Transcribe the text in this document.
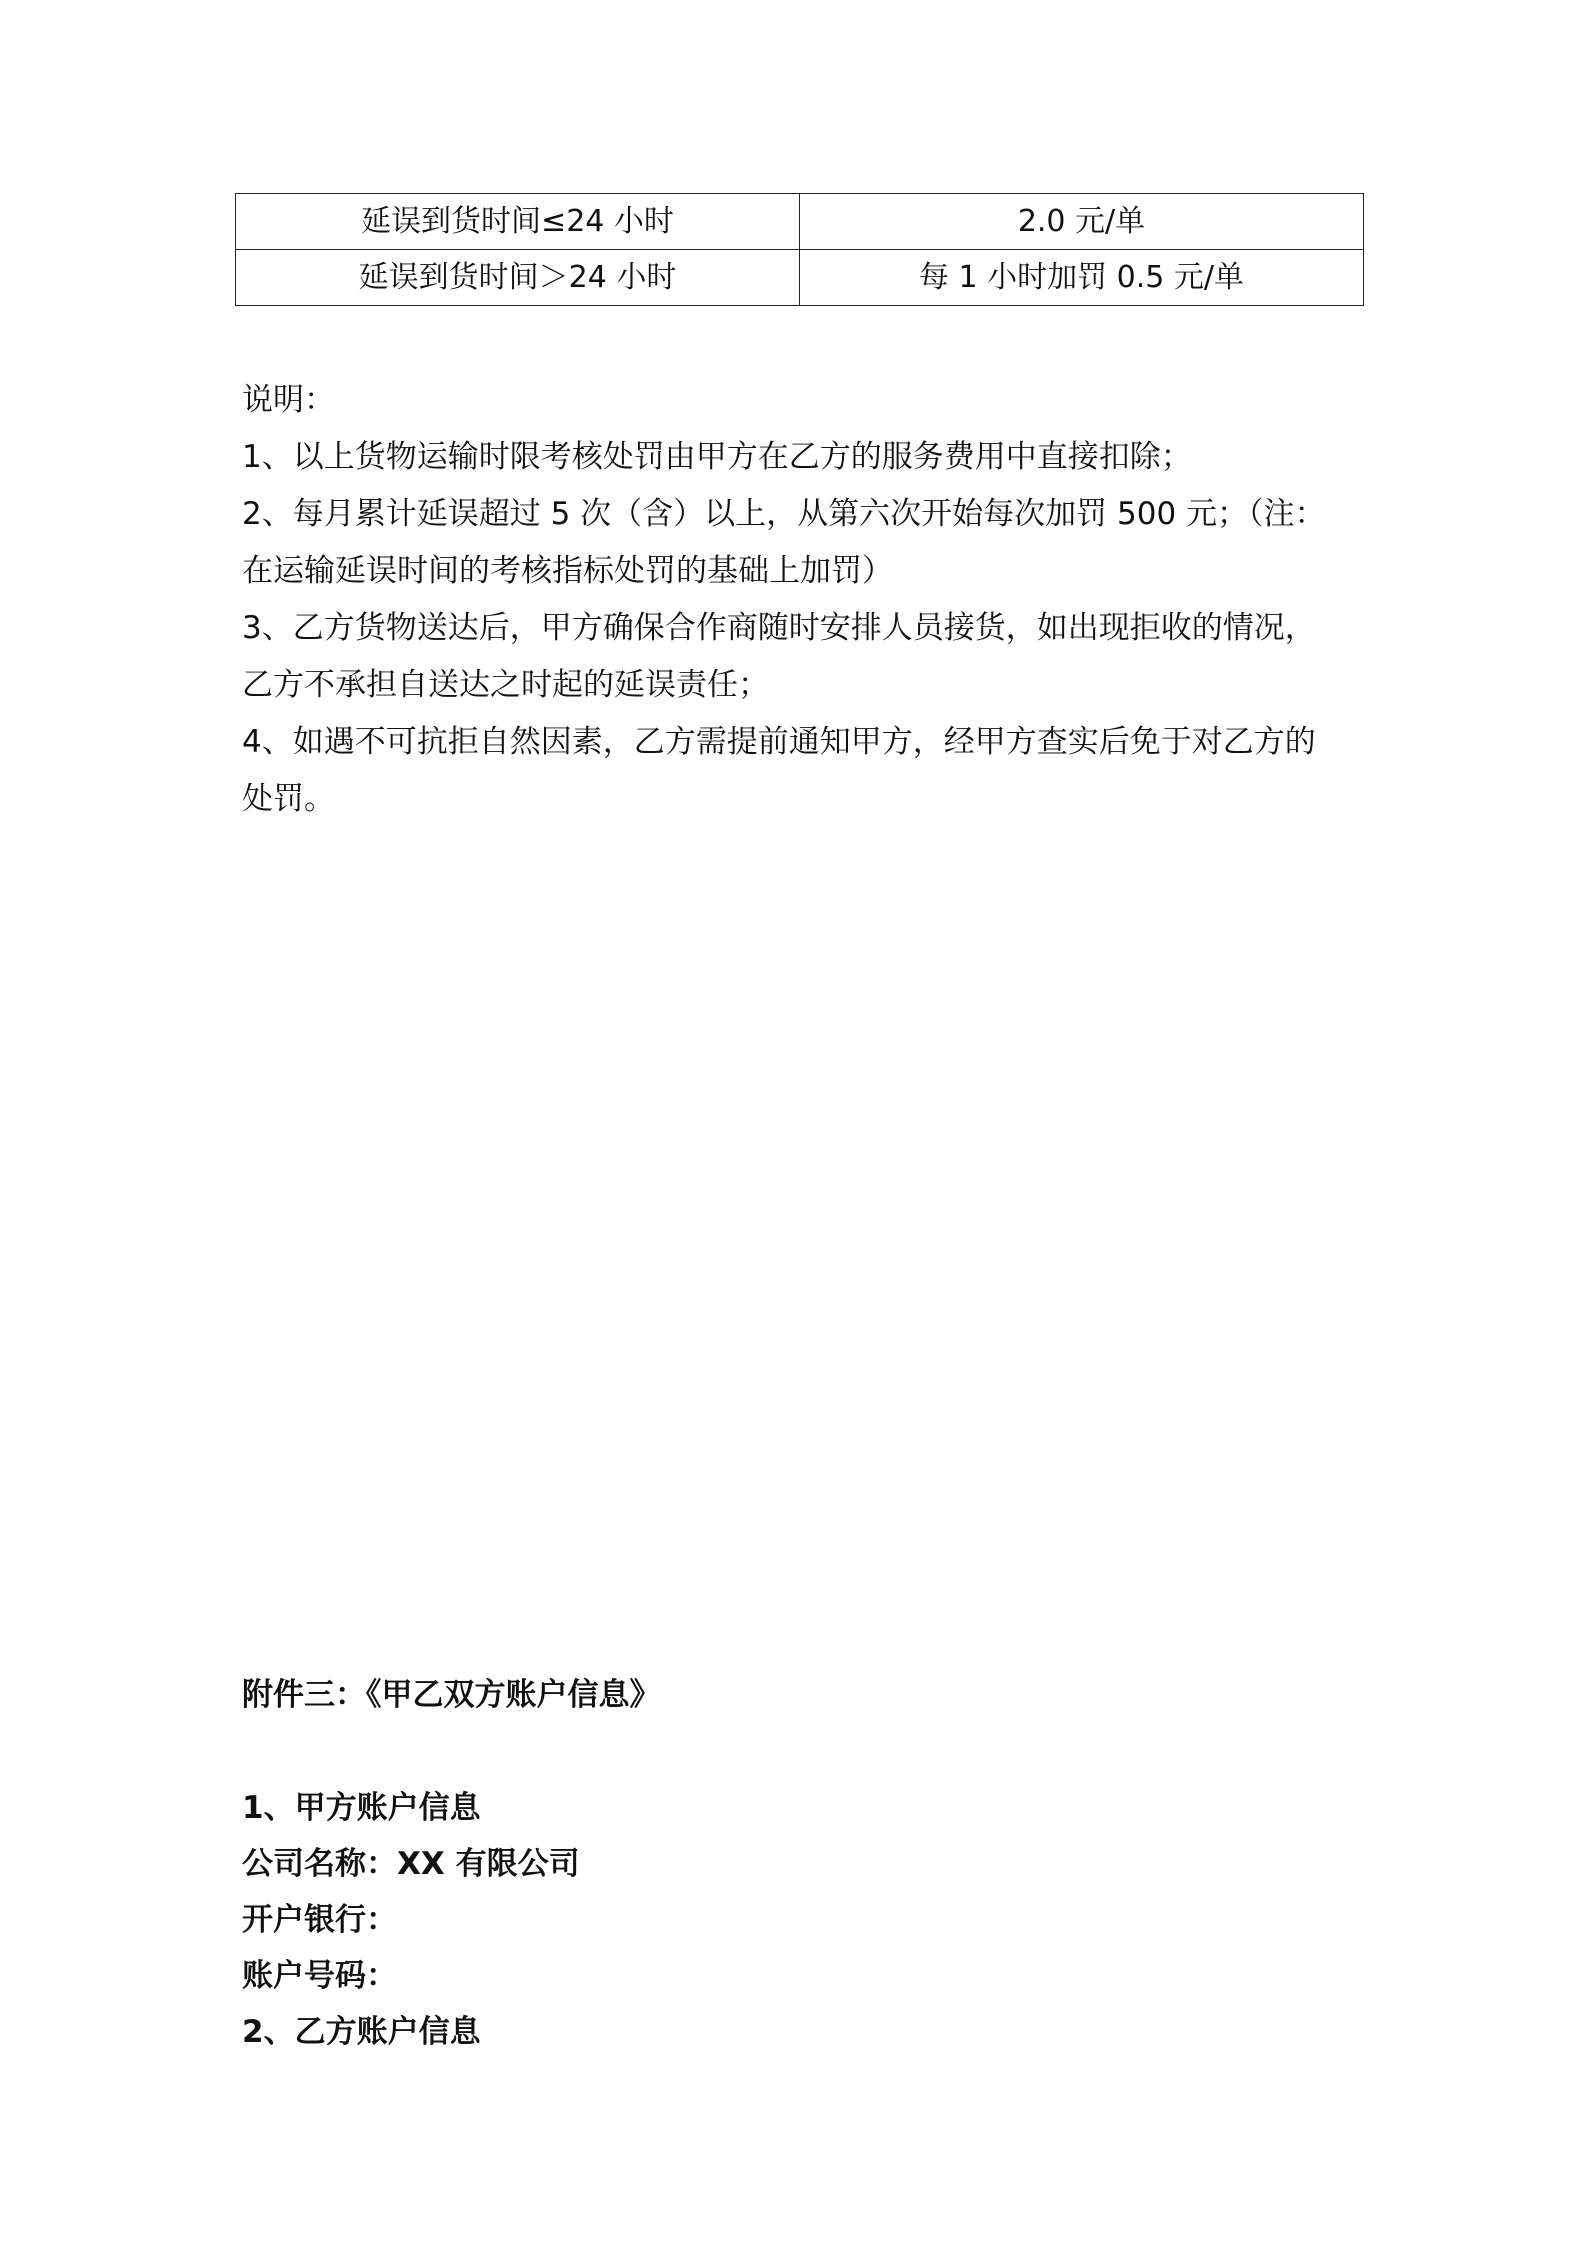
延误到货时间≤24 小时	2.0 元/单
延误到货时间＞24 小时	每 1 小时加罚 0.5 元/单

说明：

1、以上货物运输时限考核处罚由甲方在乙方的服务费用中直接扣除；

2、每月累计延误超过 5 次（含）以上，从第六次开始每次加罚 500 元；（注：

在运输延误时间的考核指标处罚的基础上加罚）

3、乙方货物送达后，甲方确保合作商随时安排人员接货，如出现拒收的情况，

乙方不承担自送达之时起的延误责任；

4、如遇不可抗拒自然因素，乙方需提前通知甲方，经甲方查实后免于对乙方的

处罚。

附件三：《甲乙双方账户信息》

1、甲方账户信息

公司名称：XX 有限公司

开户银行：

账户号码：

2、乙方账户信息
